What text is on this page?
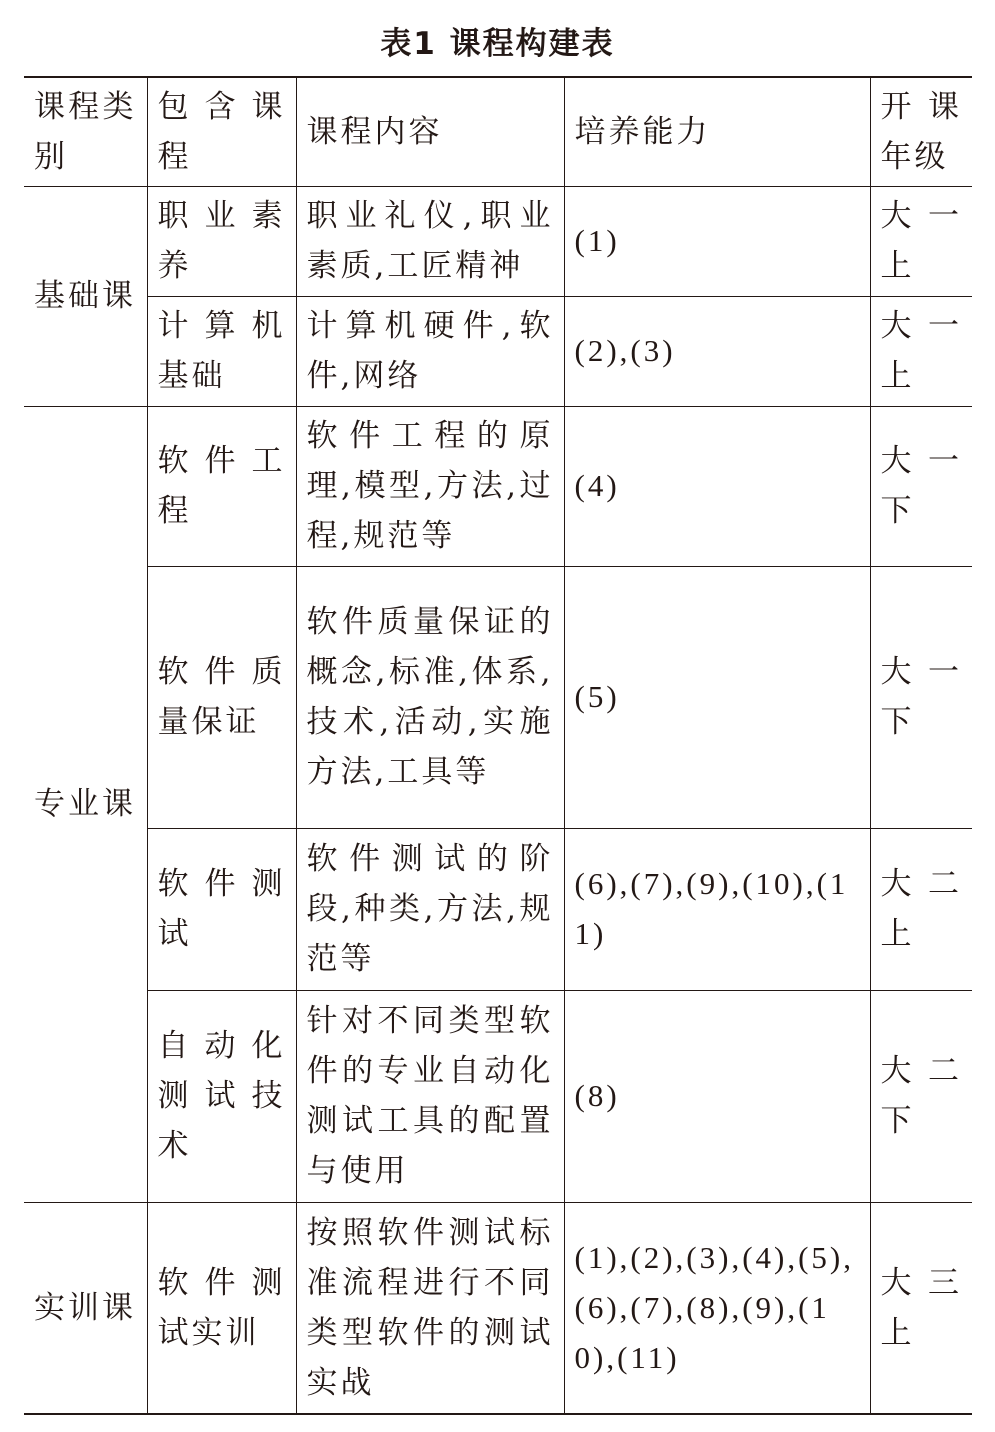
表1 课程构建表
课程类别	包含课程	课程内容	培养能力	开课年级
基础课	职业素养	职业礼仪,职业素质,工匠精神	(1)	大一上
	计算机基础	计算机硬件,软件,网络	(2),(3)	大一上
专业课	软件工程	软件工程的原理,模型,方法,过程,规范等	(4)	大一下
	软件质量保证	软件质量保证的概念,标准,体系,技术,活动,实施方法,工具等	(5)	大一下
	软件测试	软件测试的阶段,种类,方法,规范等	(6),(7),(9),(10),(11)	大二上
	自动化测试技术	针对不同类型软件的专业自动化测试工具的配置与使用	(8)	大二下
实训课	软件测试实训	按照软件测试标准流程进行不同类型软件的测试实战	(1),(2),(3),(4),(5),(6),(7),(8),(9),(10),(11)	大三上
